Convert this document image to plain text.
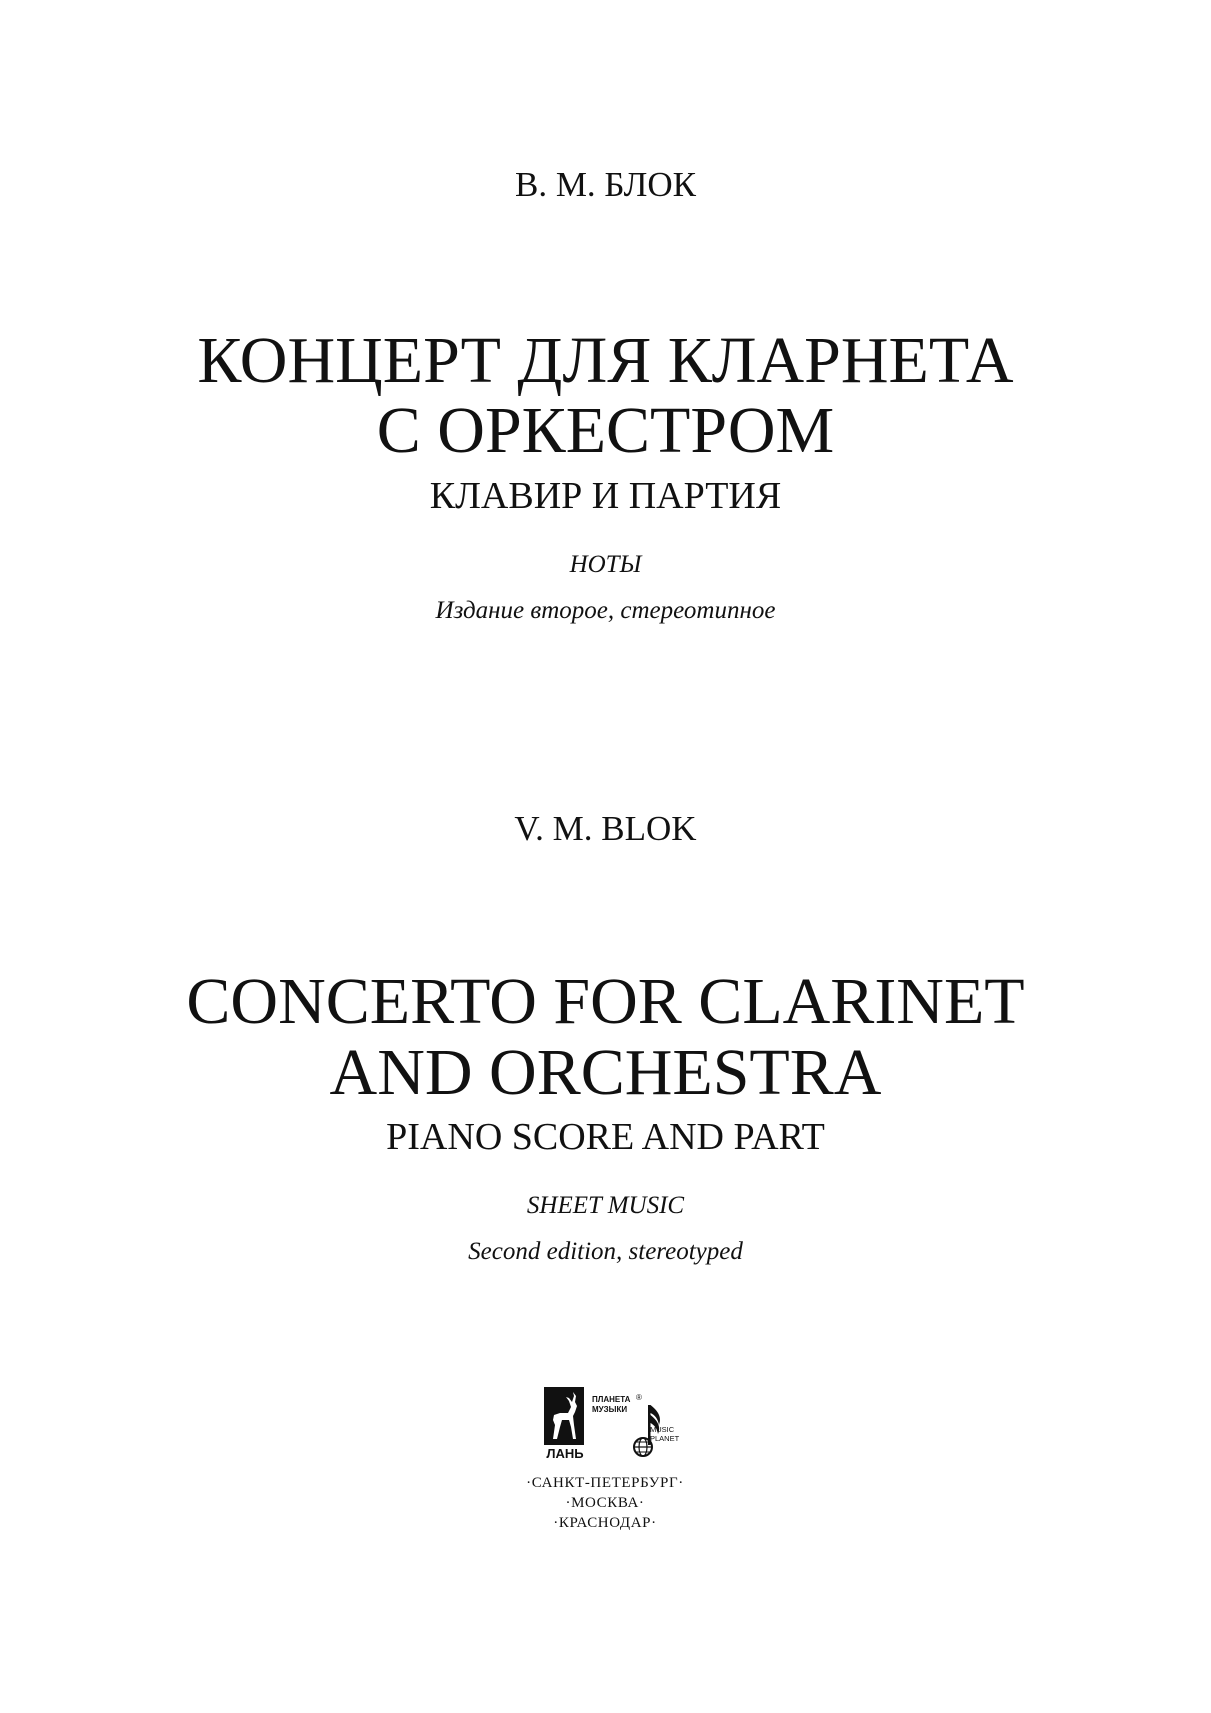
В. М. БЛОК
КОНЦЕРТ ДЛЯ КЛАРНЕТА
С ОРКЕСТРОМ
КЛАВИР И ПАРТИЯ
НОТЫ
Издание второе, стереотипное
V. M. BLOK
CONCERTO FOR CLARINET
AND ORCHESTRA
PIANO SCORE AND PART
SHEET MUSIC
Second edition, stereotyped
ЛАНЬ
ПЛАНЕТА
МУЗЫКИ
®
MUSIC
PLANET
·САНКТ-ПЕТЕРБУРГ·
·МОСКВА·
·КРАСНОДАР·
